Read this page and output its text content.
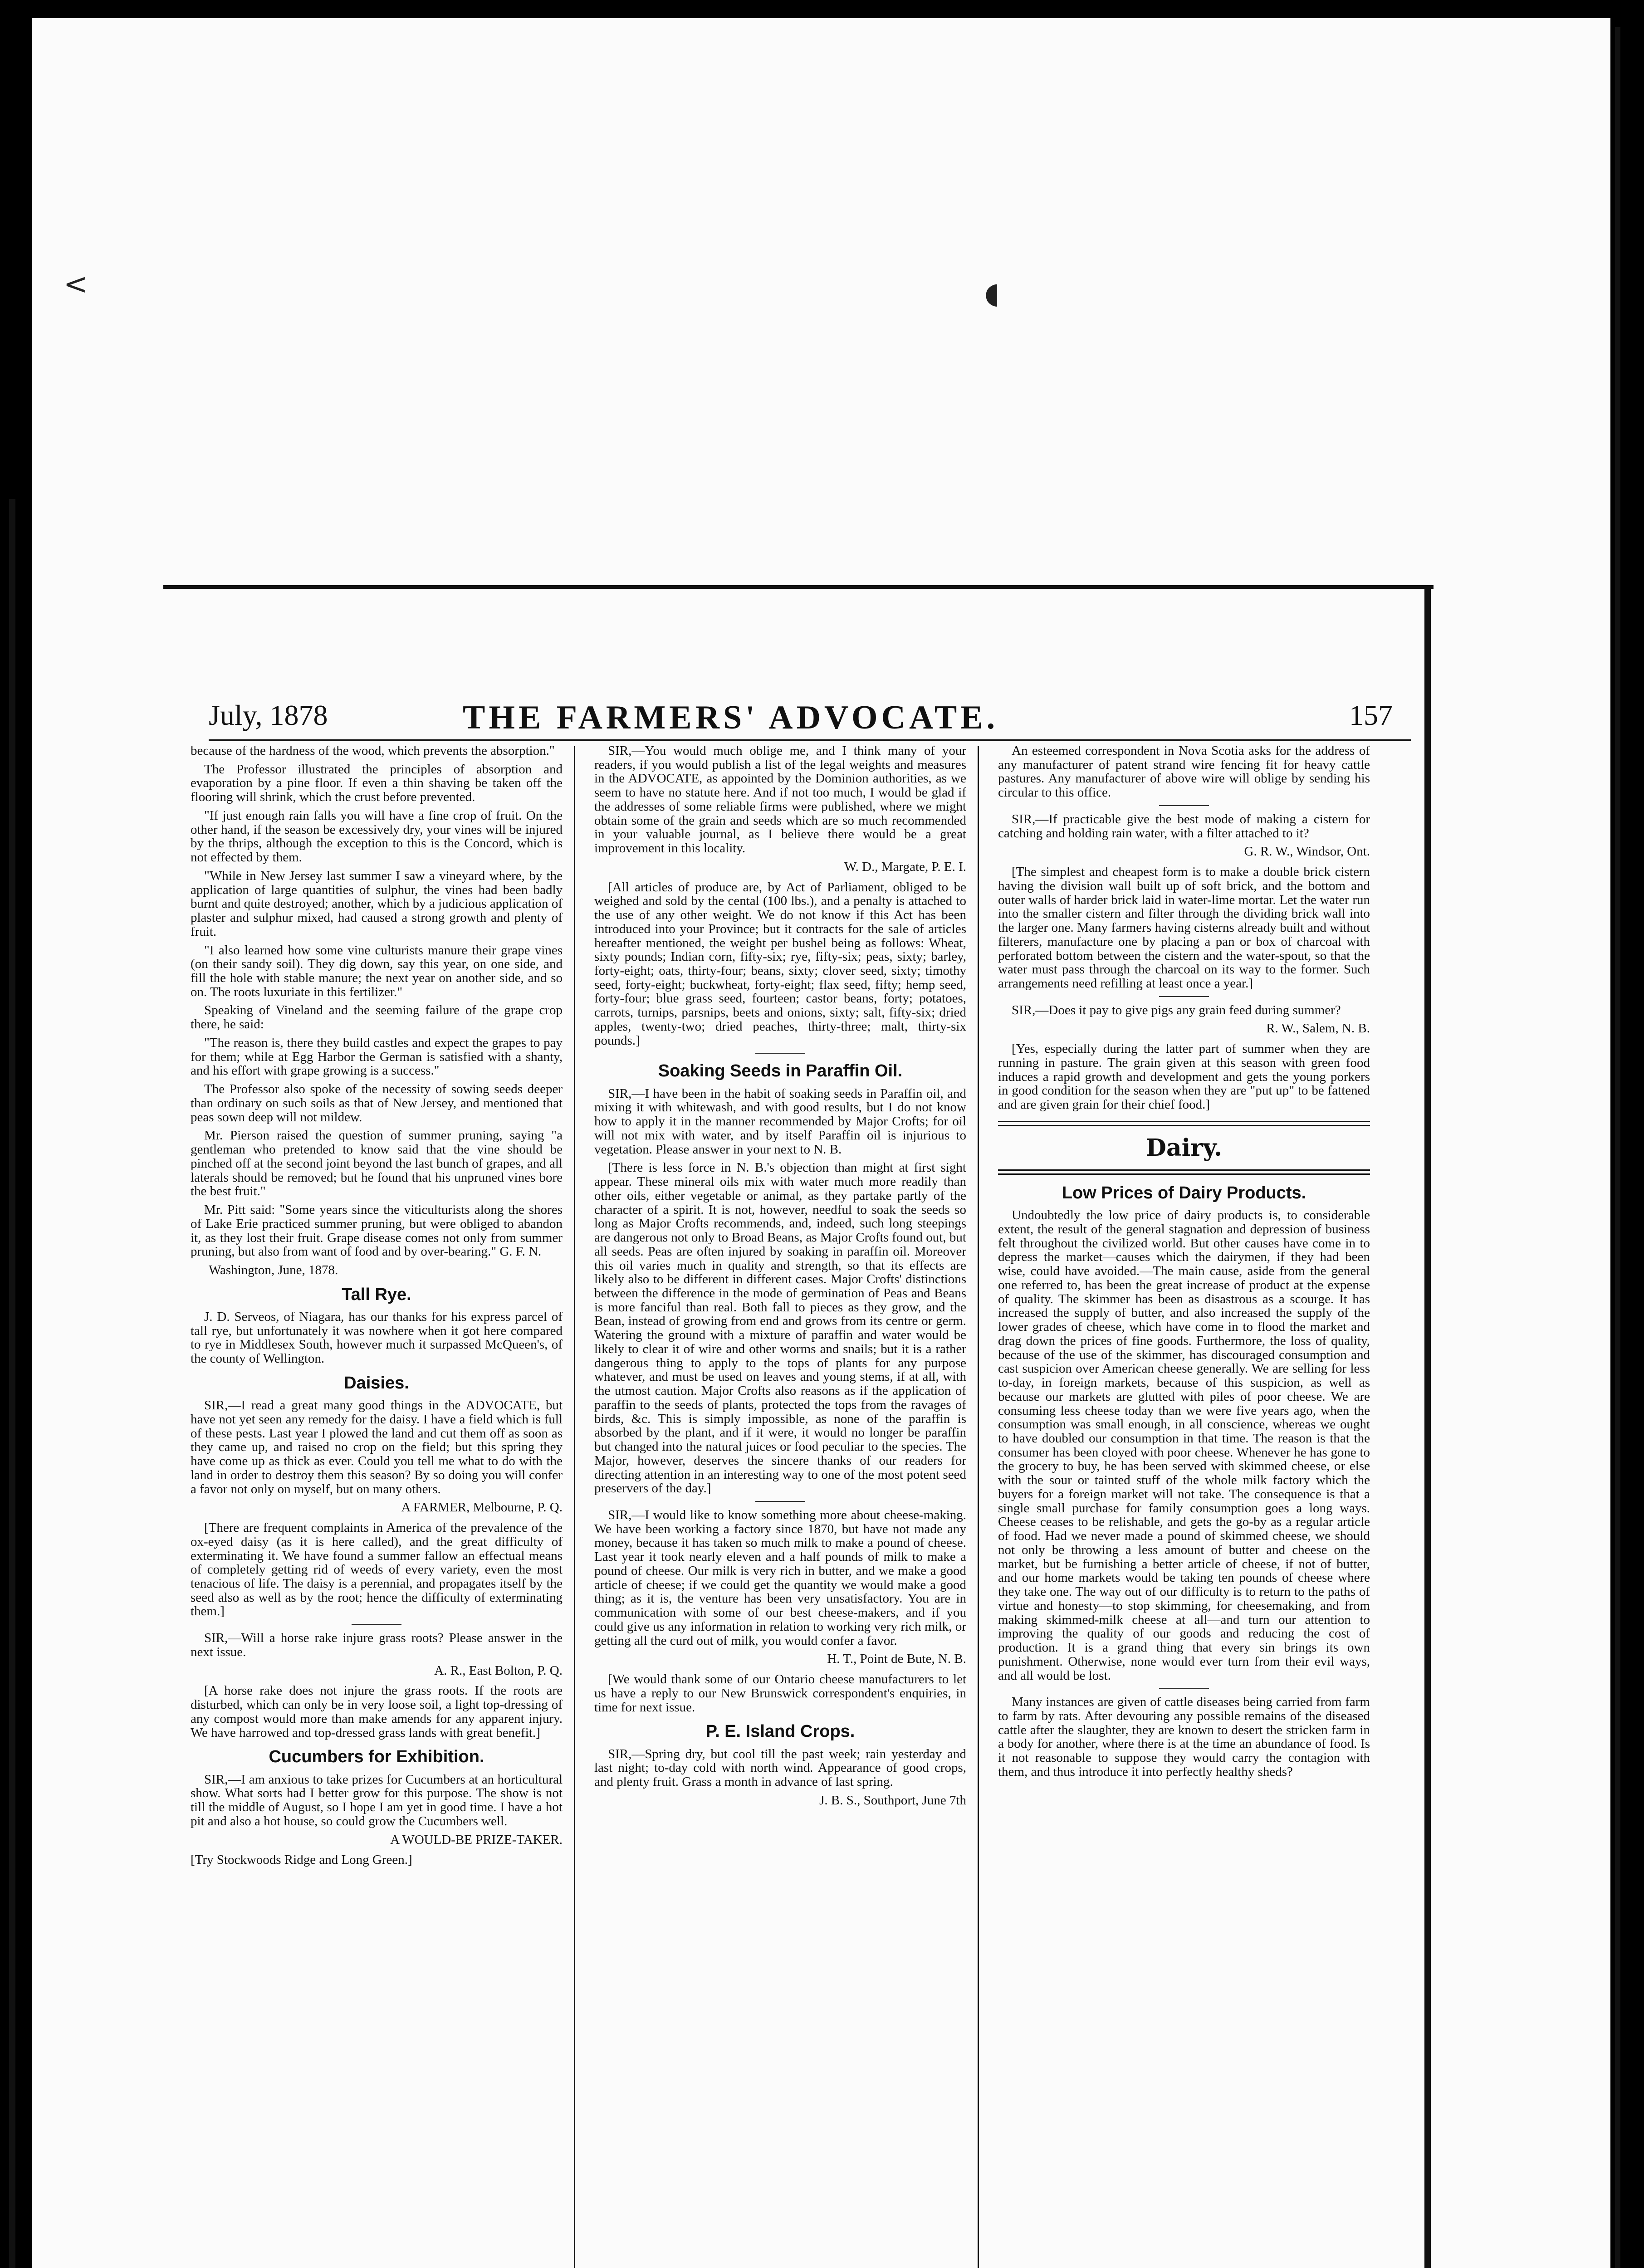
<	◖
July, 1878	THE FARMERS' ADVOCATE.	157

because of the hardness of the wood, which prevents the absorption."

The Professor illustrated the principles of absorption and evaporation by a pine floor. If even a thin shaving be taken off the flooring will shrink, which the crust before prevented.

"If just enough rain falls you will have a fine crop of fruit. On the other hand, if the season be excessively dry, your vines will be injured by the thrips, although the exception to this is the Concord, which is not effected by them.

"While in New Jersey last summer I saw a vineyard where, by the application of large quantities of sulphur, the vines had been badly burnt and quite destroyed; another, which by a judicious application of plaster and sulphur mixed, had caused a strong growth and plenty of fruit.

"I also learned how some vine culturists manure their grape vines (on their sandy soil). They dig down, say this year, on one side, and fill the hole with stable manure; the next year on another side, and so on. The roots luxuriate in this fertilizer."

Speaking of Vineland and the seeming failure of the grape crop there, he said:

"The reason is, there they build castles and expect the grapes to pay for them; while at Egg Harbor the German is satisfied with a shanty, and his effort with grape growing is a success."

The Professor also spoke of the necessity of sowing seeds deeper than ordinary on such soils as that of New Jersey, and mentioned that peas sown deep will not mildew.

Mr. Pierson raised the question of summer pruning, saying "a gentleman who pretended to know said that the vine should be pinched off at the second joint beyond the last bunch of grapes, and all laterals should be removed; but he found that his unpruned vines bore the best fruit."

Mr. Pitt said: "Some years since the viticulturists along the shores of Lake Erie practiced summer pruning, but were obliged to abandon it, as they lost their fruit. Grape disease comes not only from summer pruning, but also from want of food and by over-bearing." G. F. N.

Washington, June, 1878.

Tall Rye.

J. D. Serveos, of Niagara, has our thanks for his express parcel of tall rye, but unfortunately it was nowhere when it got here compared to rye in Middlesex South, however much it surpassed McQueen's, of the county of Wellington.

Daisies.

SIR,—I read a great many good things in the ADVOCATE, but have not yet seen any remedy for the daisy. I have a field which is full of these pests. Last year I plowed the land and cut them off as soon as they came up, and raised no crop on the field; but this spring they have come up as thick as ever. Could you tell me what to do with the land in order to destroy them this season? By so doing you will confer a favor not only on myself, but on many others.

A FARMER, Melbourne, P. Q.

[There are frequent complaints in America of the prevalence of the ox-eyed daisy (as it is here called), and the great difficulty of exterminating it. We have found a summer fallow an effectual means of completely getting rid of weeds of every variety, even the most tenacious of life. The daisy is a perennial, and propagates itself by the seed also as well as by the root; hence the difficulty of exterminating them.]

SIR,—Will a horse rake injure grass roots? Please answer in the next issue.

A. R., East Bolton, P. Q.

[A horse rake does not injure the grass roots. If the roots are disturbed, which can only be in very loose soil, a light top-dressing of any compost would more than make amends for any apparent injury. We have harrowed and top-dressed grass lands with great benefit.]

Cucumbers for Exhibition.

SIR,—I am anxious to take prizes for Cucumbers at an horticultural show. What sorts had I better grow for this purpose. The show is not till the middle of August, so I hope I am yet in good time. I have a hot pit and also a hot house, so could grow the Cucumbers well.

A WOULD-BE PRIZE-TAKER.

[Try Stockwoods Ridge and Long Green.]

SIR,—You would much oblige me, and I think many of your readers, if you would publish a list of the legal weights and measures in the ADVOCATE, as appointed by the Dominion authorities, as we seem to have no statute here. And if not too much, I would be glad if the addresses of some reliable firms were published, where we might obtain some of the grain and seeds which are so much recommended in your valuable journal, as I believe there would be a great improvement in this locality.

W. D., Margate, P. E. I.

[All articles of produce are, by Act of Parliament, obliged to be weighed and sold by the cental (100 lbs.), and a penalty is attached to the use of any other weight. We do not know if this Act has been introduced into your Province; but it contracts for the sale of articles hereafter mentioned, the weight per bushel being as follows: Wheat, sixty pounds; Indian corn, fifty-six; rye, fifty-six; peas, sixty; barley, forty-eight; oats, thirty-four; beans, sixty; clover seed, sixty; timothy seed, forty-eight; buckwheat, forty-eight; flax seed, fifty; hemp seed, forty-four; blue grass seed, fourteen; castor beans, forty; potatoes, carrots, turnips, parsnips, beets and onions, sixty; salt, fifty-six; dried apples, twenty-two; dried peaches, thirty-three; malt, thirty-six pounds.]

Soaking Seeds in Paraffin Oil.

SIR,—I have been in the habit of soaking seeds in Paraffin oil, and mixing it with whitewash, and with good results, but I do not know how to apply it in the manner recommended by Major Crofts; for oil will not mix with water, and by itself Paraffin oil is injurious to vegetation. Please answer in your next to N. B.

[There is less force in N. B.'s objection than might at first sight appear. These mineral oils mix with water much more readily than other oils, either vegetable or animal, as they partake partly of the character of a spirit. It is not, however, needful to soak the seeds so long as Major Crofts recommends, and, indeed, such long steepings are dangerous not only to Broad Beans, as Major Crofts found out, but all seeds. Peas are often injured by soaking in paraffin oil. Moreover this oil varies much in quality and strength, so that its effects are likely also to be different in different cases. Major Crofts' distinctions between the difference in the mode of germination of Peas and Beans is more fanciful than real. Both fall to pieces as they grow, and the Bean, instead of growing from end and grows from its centre or germ. Watering the ground with a mixture of paraffin and water would be likely to clear it of wire and other worms and snails; but it is a rather dangerous thing to apply to the tops of plants for any purpose whatever, and must be used on leaves and young stems, if at all, with the utmost caution. Major Crofts also reasons as if the application of paraffin to the seeds of plants, protected the tops from the ravages of birds, &c. This is simply impossible, as none of the paraffin is absorbed by the plant, and if it were, it would no longer be paraffin but changed into the natural juices or food peculiar to the species. The Major, however, deserves the sincere thanks of our readers for directing attention in an interesting way to one of the most potent seed preservers of the day.]

SIR,—I would like to know something more about cheese-making. We have been working a factory since 1870, but have not made any money, because it has taken so much milk to make a pound of cheese. Last year it took nearly eleven and a half pounds of milk to make a pound of cheese. Our milk is very rich in butter, and we make a good article of cheese; if we could get the quantity we would make a good thing; as it is, the venture has been very unsatisfactory. You are in communication with some of our best cheese-makers, and if you could give us any information in relation to working very rich milk, or getting all the curd out of milk, you would confer a favor.

H. T., Point de Bute, N. B.

[We would thank some of our Ontario cheese manufacturers to let us have a reply to our New Brunswick correspondent's enquiries, in time for next issue.

P. E. Island Crops.

SIR,—Spring dry, but cool till the past week; rain yesterday and last night; to-day cold with north wind. Appearance of good crops, and plenty fruit. Grass a month in advance of last spring.

J. B. S., Southport, June 7th

An esteemed correspondent in Nova Scotia asks for the address of any manufacturer of patent strand wire fencing fit for heavy cattle pastures. Any manufacturer of above wire will oblige by sending his circular to this office.

SIR,—If practicable give the best mode of making a cistern for catching and holding rain water, with a filter attached to it?

G. R. W., Windsor, Ont.

[The simplest and cheapest form is to make a double brick cistern having the division wall built up of soft brick, and the bottom and outer walls of harder brick laid in water-lime mortar. Let the water run into the smaller cistern and filter through the dividing brick wall into the larger one. Many farmers having cisterns already built and without filterers, manufacture one by placing a pan or box of charcoal with perforated bottom between the cistern and the water-spout, so that the water must pass through the charcoal on its way to the former. Such arrangements need refilling at least once a year.]

SIR,—Does it pay to give pigs any grain feed during summer?

R. W., Salem, N. B.

[Yes, especially during the latter part of summer when they are running in pasture. The grain given at this season with green food induces a rapid growth and development and gets the young porkers in good condition for the season when they are "put up" to be fattened and are given grain for their chief food.]

Dairy.
Low Prices of Dairy Products.

Undoubtedly the low price of dairy products is, to considerable extent, the result of the general stagnation and depression of business felt throughout the civilized world. But other causes have come in to depress the market—causes which the dairymen, if they had been wise, could have avoided.—The main cause, aside from the general one referred to, has been the great increase of product at the expense of quality. The skimmer has been as disastrous as a scourge. It has increased the supply of butter, and also increased the supply of the lower grades of cheese, which have come in to flood the market and drag down the prices of fine goods. Furthermore, the loss of quality, because of the use of the skimmer, has discouraged consumption and cast suspicion over American cheese generally. We are selling for less to-day, in foreign markets, because of this suspicion, as well as because our markets are glutted with piles of poor cheese. We are consuming less cheese today than we were five years ago, when the consumption was small enough, in all conscience, whereas we ought to have doubled our consumption in that time. The reason is that the consumer has been cloyed with poor cheese. Whenever he has gone to the grocery to buy, he has been served with skimmed cheese, or else with the sour or tainted stuff of the whole milk factory which the buyers for a foreign market will not take. The consequence is that a single small purchase for family consumption goes a long ways. Cheese ceases to be relishable, and gets the go-by as a regular article of food. Had we never made a pound of skimmed cheese, we should not only be throwing a less amount of butter and cheese on the market, but be furnishing a better article of cheese, if not of butter, and our home markets would be taking ten pounds of cheese where they take one. The way out of our difficulty is to return to the paths of virtue and honesty—to stop skimming, for cheesemaking, and from making skimmed-milk cheese at all—and turn our attention to improving the quality of our goods and reducing the cost of production. It is a grand thing that every sin brings its own punishment. Otherwise, none would ever turn from their evil ways, and all would be lost.

Many instances are given of cattle diseases being carried from farm to farm by rats. After devouring any possible remains of the diseased cattle after the slaughter, they are known to desert the stricken farm in a body for another, where there is at the time an abundance of food. Is it not reasonable to suppose they would carry the contagion with them, and thus introduce it into perfectly healthy sheds?
